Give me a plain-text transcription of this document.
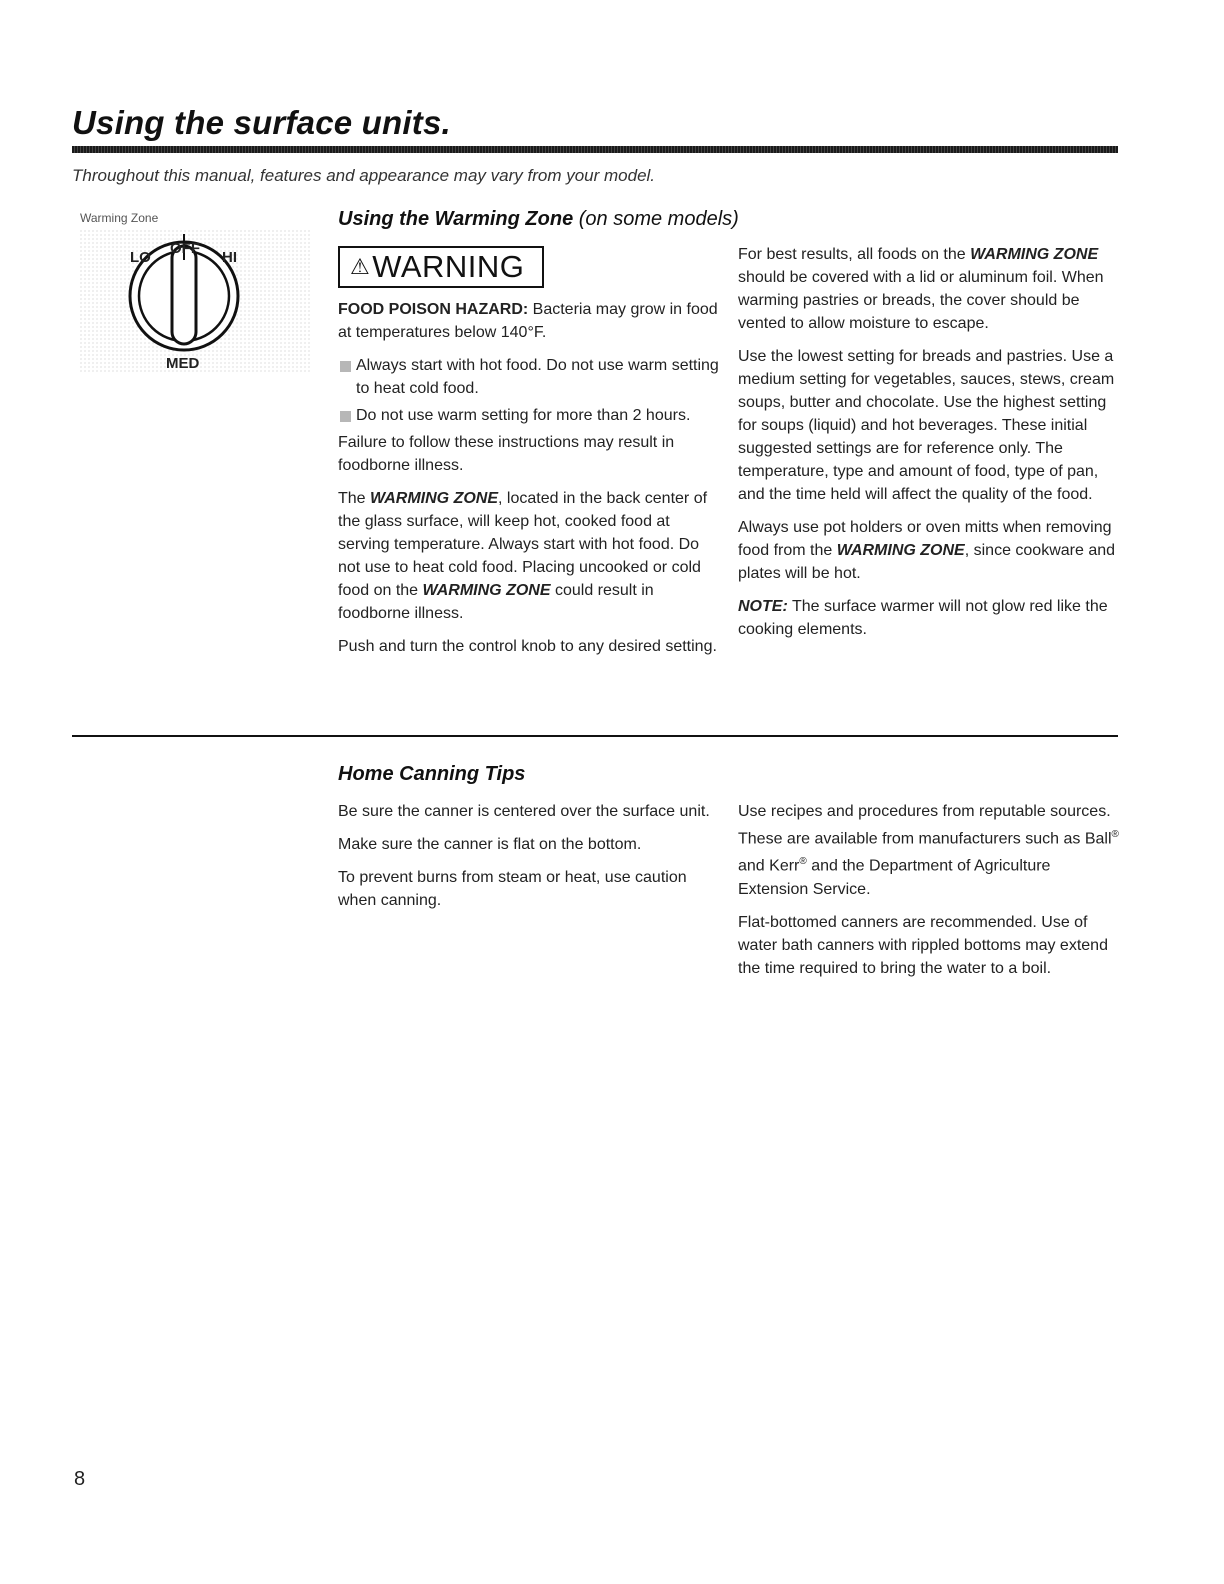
Using the surface units.

Throughout this manual, features and appearance may vary from your model.

Warming Zone
LO
OFF
HI
MED
Using the Warming Zone (on some models)
⚠WARNING

FOOD POISON HAZARD: Bacteria may grow in food at temperatures below 140°F.

Always start with hot food. Do not use warm setting to heat cold food.

Do not use warm setting for more than 2 hours.

Failure to follow these instructions may result in foodborne illness.

The WARMING ZONE, located in the back center of the glass surface, will keep hot, cooked food at serving temperature. Always start with hot food. Do not use to heat cold food. Placing uncooked or cold food on the WARMING ZONE could result in foodborne illness.

Push and turn the control knob to any desired setting.

For best results, all foods on the WARMING ZONE should be covered with a lid or aluminum foil. When warming pastries or breads, the cover should be vented to allow moisture to escape.

Use the lowest setting for breads and pastries. Use a medium setting for vegetables, sauces, stews, cream soups, butter and chocolate. Use the highest setting for soups (liquid) and hot beverages. These initial suggested settings are for reference only. The temperature, type and amount of food, type of pan, and the time held will affect the quality of the food.

Always use pot holders or oven mitts when removing food from the WARMING ZONE, since cookware and plates will be hot.

NOTE: The surface warmer will not glow red like the cooking elements.

Home Canning Tips

Be sure the canner is centered over the surface unit.

Make sure the canner is flat on the bottom.

To prevent burns from steam or heat, use caution when canning.

Use recipes and procedures from reputable sources. These are available from manufacturers such as Ball® and Kerr® and the Department of Agriculture Extension Service.

Flat-bottomed canners are recommended. Use of water bath canners with rippled bottoms may extend the time required to bring the water to a boil.

8
